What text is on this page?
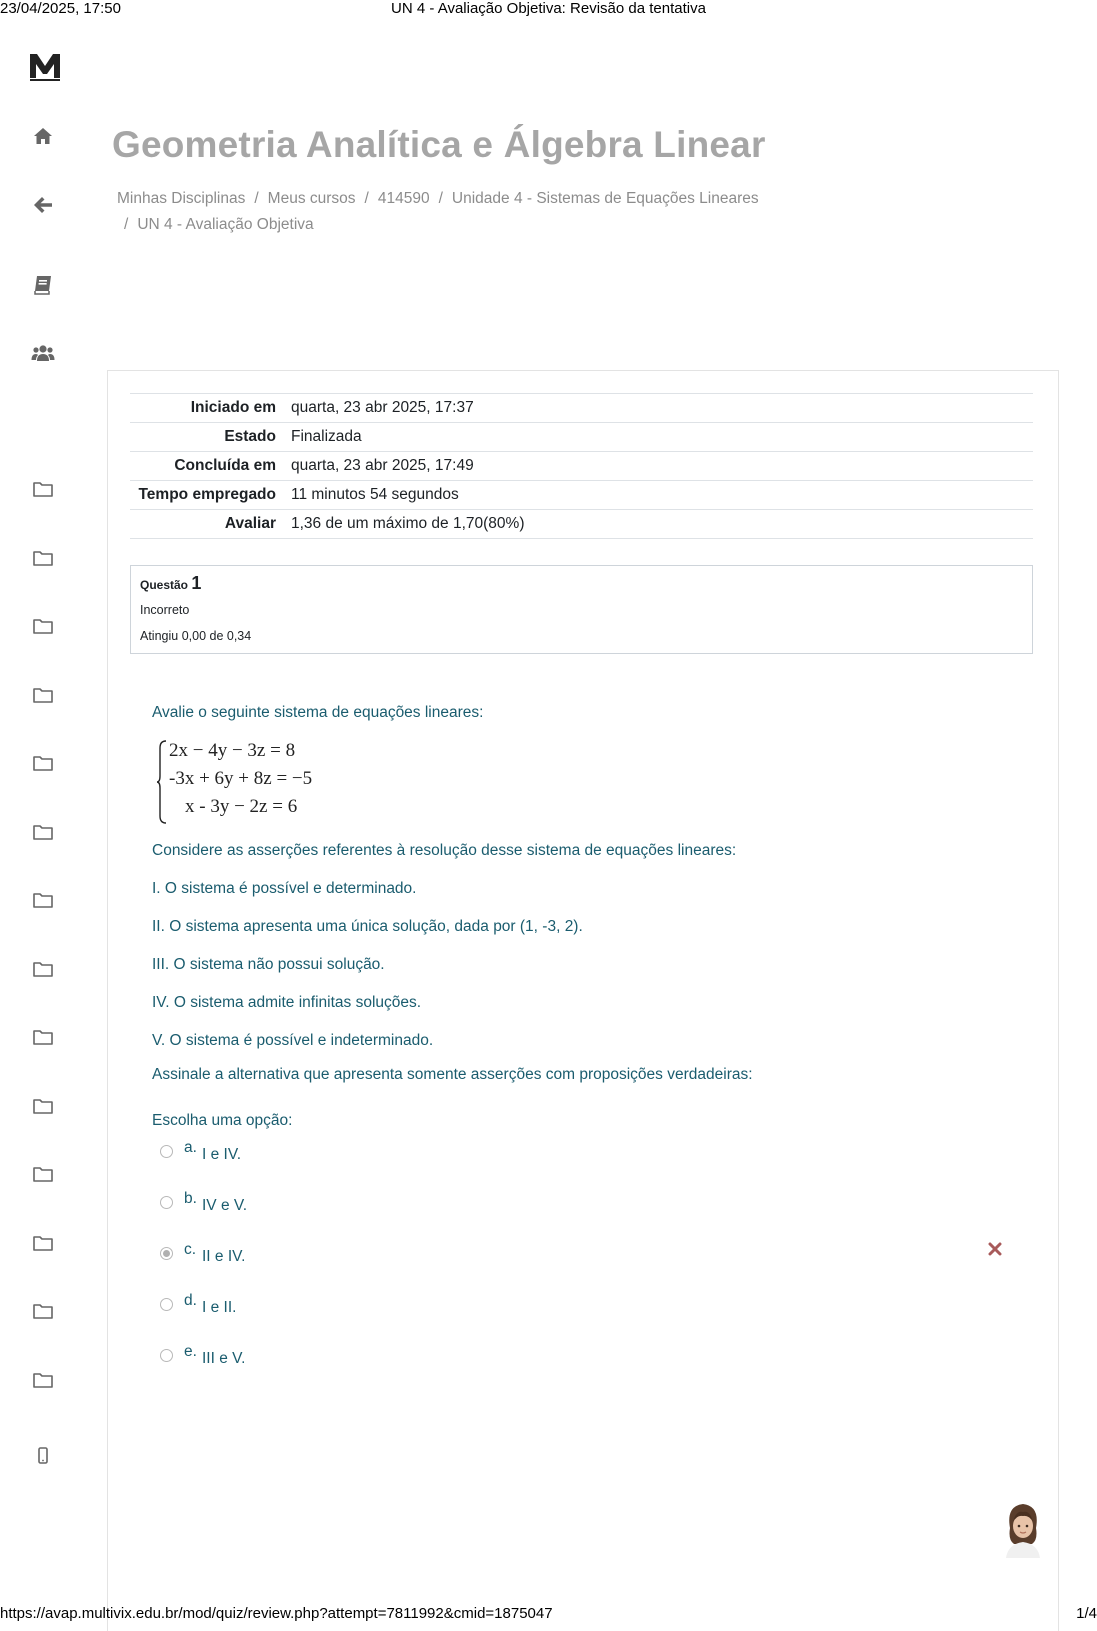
23/04/2025, 17:50	UN 4 - Avaliação Objetiva: Revisão da tentativa
Geometria Analítica e Álgebra Linear
Minhas Disciplinas / Meus cursos / 414590 / Unidade 4 - Sistemas de Equações Lineares
/ UN 4 - Avaliação Objetiva
Iniciado em	quarta, 23 abr 2025, 17:37
Estado	Finalizada
Concluída em	quarta, 23 abr 2025, 17:49
Tempo empregado	11 minutos 54 segundos
Avaliar	1,36 de um máximo de 1,70(80%)
Questão 1
Incorreto
Atingiu 0,00 de 0,34

Avalie o seguinte sistema de equações lineares:

2x − 4y − 3z = 8
-3x + 6y + 8z = −5
x - 3y − 2z = 6

Considere as asserções referentes à resolução desse sistema de equações lineares:

I. O sistema é possível e determinado.

II. O sistema apresenta uma única solução, dada por (1, -3, 2).

III. O sistema não possui solução.

IV. O sistema admite infinitas soluções.

V. O sistema é possível e indeterminado.

Assinale a alternativa que apresenta somente asserções com proposições verdadeiras:

Escolha uma opção:

a. I e IV.
b. IV e V.
c. II e IV.
d. I e II.
e. III e V.
https://avap.multivix.edu.br/mod/quiz/review.php?attempt=7811992&cmid=1875047	1/4
